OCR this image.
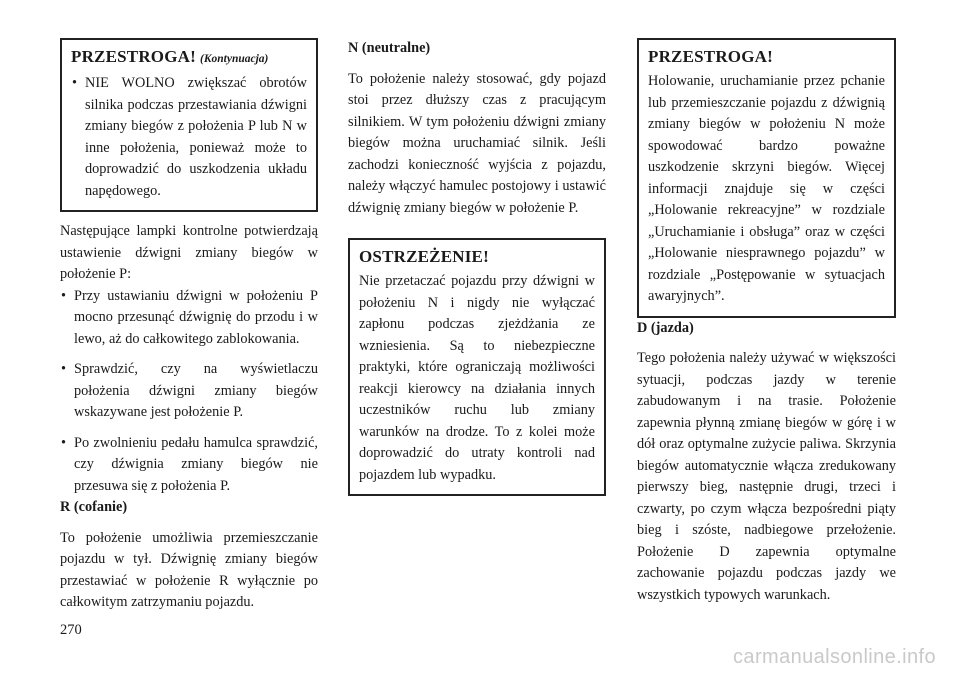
PRZESTROGA! (Kontynuacja)
• NIE WOLNO zwiększać obrotów silnika podczas przestawiania dźwigni zmiany biegów z położenia P lub N w inne położenia, ponieważ może to doprowadzić do uszkodzenia układu napędowego.

Następujące lampki kontrolne potwierdzają ustawienie dźwigni zmiany biegów w położenie P:

• Przy ustawianiu dźwigni w położeniu P mocno przesunąć dźwignię do przodu i w lewo, aż do całkowitego zablokowania.
• Sprawdzić, czy na wyświetlaczu położenia dźwigni zmiany biegów wskazywane jest położenie P.
• Po zwolnieniu pedału hamulca sprawdzić, czy dźwignia zmiany biegów nie przesuwa się z położenia P.

R (cofanie)

To położenie umożliwia przemieszczanie pojazdu w tył. Dźwignię zmiany biegów przestawiać w położenie R wyłącznie po całkowitym zatrzymaniu pojazdu.

N (neutralne)

To położenie należy stosować, gdy pojazd stoi przez dłuższy czas z pracującym silnikiem. W tym położeniu dźwigni zmiany biegów można uruchamiać silnik. Jeśli zachodzi konieczność wyjścia z pojazdu, należy włączyć hamulec postojowy i ustawić dźwignię zmiany biegów w położenie P.

OSTRZEŻENIE!

Nie przetaczać pojazdu przy dźwigni w położeniu N i nigdy nie wyłączać zapłonu podczas zjeżdżania ze wzniesienia. Są to niebezpieczne praktyki, które ograniczają możliwości reakcji kierowcy na działania innych uczestników ruchu lub zmiany warunków na drodze. To z kolei może doprowadzić do utraty kontroli nad pojazdem lub wypadku.

PRZESTROGA!

Holowanie, uruchamianie przez pchanie lub przemieszczanie pojazdu z dźwignią zmiany biegów w położeniu N może spowodować bardzo poważne uszkodzenie skrzyni biegów. Więcej informacji znajduje się w części „Holowanie rekreacyjne” w rozdziale „Uruchamianie i obsługa” oraz w części „Holowanie niesprawnego pojazdu” w rozdziale „Postępowanie w sytuacjach awaryjnych”.

D (jazda)

Tego położenia należy używać w większości sytuacji, podczas jazdy w terenie zabudowanym i na trasie. Położenie zapewnia płynną zmianę biegów w górę i w dół oraz optymalne zużycie paliwa. Skrzynia biegów automatycznie włącza zredukowany pierwszy bieg, następnie drugi, trzeci i czwarty, po czym włącza bezpośredni piąty bieg i szóste, nadbiegowe przełożenie. Położenie D zapewnia optymalne zachowanie pojazdu podczas jazdy we wszystkich typowych warunkach.

270
carmanualsonline.info
